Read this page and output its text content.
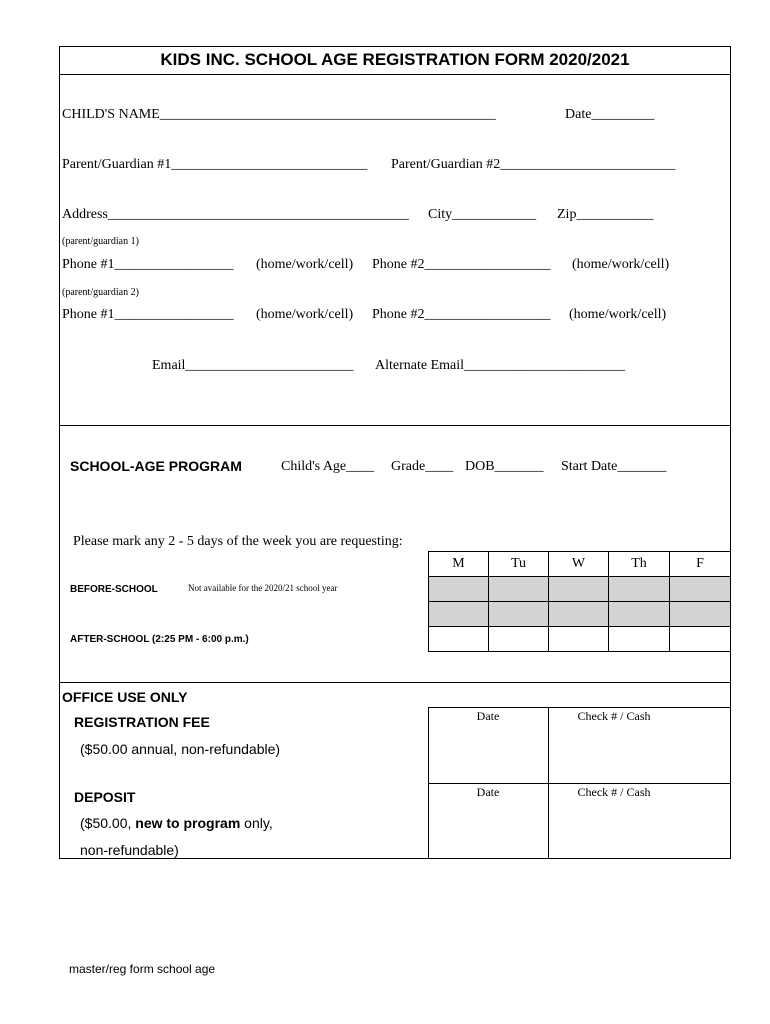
KIDS INC. SCHOOL AGE REGISTRATION FORM 2020/2021
CHILD'S NAME________________________________________________	Date_________
Parent/Guardian #1____________________________ Parent/Guardian #2_________________________
Address___________________________________________ City____________ Zip___________
(parent/guardian 1)
Phone #1_________________ (home/work/cell) Phone #2__________________ (home/work/cell)
(parent/guardian 2)
Phone #1_________________ (home/work/cell) Phone #2__________________ (home/work/cell)
Email________________________ Alternate Email_______________________
SCHOOL-AGE PROGRAM	Child's Age____ Grade____ DOB_______ Start Date_______
Please mark any 2 - 5 days of the week you are requesting:
M	Tu	W	Th	F
BEFORE-SCHOOL	Not available for the 2020/21 school year
AFTER-SCHOOL (2:25 PM - 6:00 p.m.)
OFFICE USE ONLY
REGISTRATION FEE
($50.00 annual, non-refundable)
DEPOSIT
($50.00, new to program only,
non-refundable)
Date	Check # / Cash
Date	Check # / Cash
master/reg form school age
